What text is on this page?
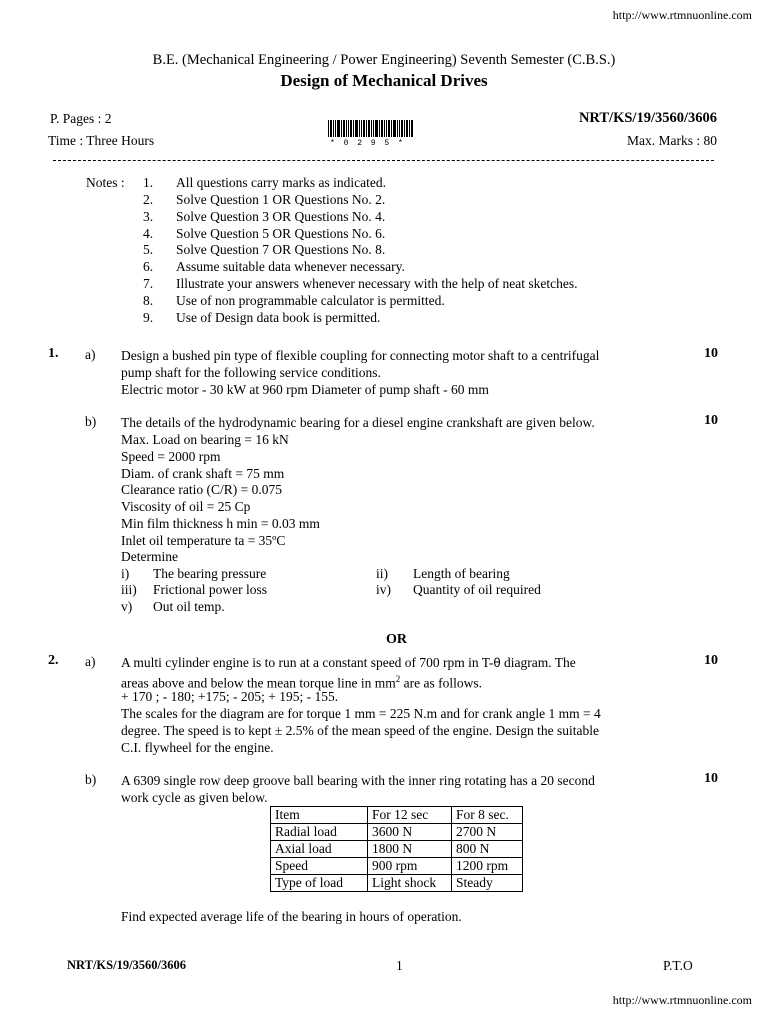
http://www.rtmnuonline.com
B.E. (Mechanical Engineering / Power Engineering) Seventh Semester (C.B.S.)
Design of Mechanical Drives
P. Pages : 2	NRT/KS/19/3560/3606
Time : Three Hours	Max. Marks : 80
* 0 2 9 5 *
Notes : 1. All questions carry marks as indicated.
2. Solve Question 1 OR Questions No. 2.
3. Solve Question 3 OR Questions No. 4.
4. Solve Question 5 OR Questions No. 6.
5. Solve Question 7 OR Questions No. 8.
6. Assume suitable data whenever necessary.
7. Illustrate your answers whenever necessary with the help of neat sketches.
8. Use of non programmable calculator is permitted.
9. Use of Design data book is permitted.
1. a) Design a bushed pin type of flexible coupling for connecting motor shaft to a centrifugal
pump shaft for the following service conditions.
Electric motor - 30 kW at 960 rpm Diameter of pump shaft - 60 mm
10
b) The details of the hydrodynamic bearing for a diesel engine crankshaft are given below.
Max. Load on bearing = 16 kN
Speed = 2000 rpm
Diam. of crank shaft = 75 mm
Clearance ratio (C/R) = 0.075
Viscosity of oil = 25 Cp
Min film thickness h min = 0.03 mm
Inlet oil temperature ta = 35ºC
Determine
10
i) The bearing pressure	ii) Length of bearing
iii) Frictional power loss	iv) Quantity of oil required
v) Out oil temp.
OR
2. a) A multi cylinder engine is to run at a constant speed of 700 rpm in T-θ diagram. The
areas above and below the mean torque line in $mm^2$ are as follows.
+ 170 ; - 180; +175; - 205; + 195; - 155.
The scales for the diagram are for torque 1 mm = 225 N.m and for crank angle 1 mm = 4
degree. The speed is to kept ± 2.5% of the mean speed of the engine. Design the suitable
C.I. flywheel for the engine.
10
b) A 6309 single row deep groove ball bearing with the inner ring rotating has a 20 second
work cycle as given below.
10
Item	For 12 sec	For 8 sec.
Radial load	3600 N	2700 N
Axial load	1800 N	800 N
Speed	900 rpm	1200 rpm
Type of load	Light shock	Steady
Find expected average life of the bearing in hours of operation.
NRT/KS/19/3560/3606	1	P.T.O
http://www.rtmnuonline.com
